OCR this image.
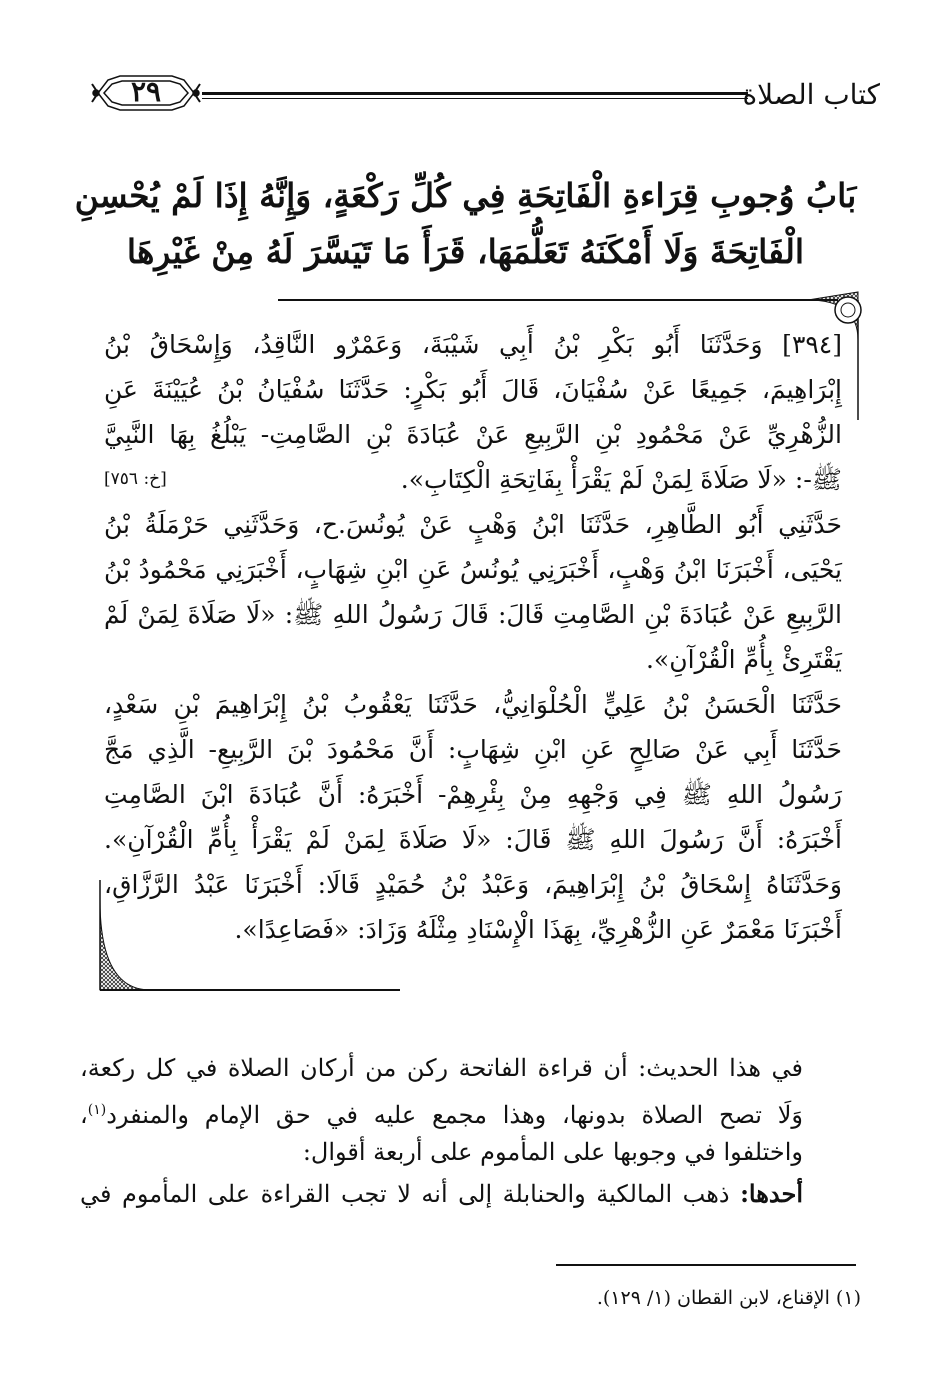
٢٩	كتاب الصلاة
بَابُ وُجوبِ قِرَاءةِ الْفَاتِحَةِ فِي كُلِّ رَكْعَةٍ، وَإِنَّهُ إِذَا لَمْ يُحْسِنِ
الْفَاتِحَةَ وَلَا أَمْكَنَهُ تَعَلُّمَهَا، قَرَأَ مَا تَيَسَّرَ لَهُ مِنْ غَيْرِهَا
[٣٩٤] وَحَدَّثَنَا أَبُو بَكْرِ بْنُ أَبِي شَيْبَةَ، وَعَمْرٌو النَّاقِدُ، وَإِسْحَاقُ بْنُ
إِبْرَاهِيمَ، جَمِيعًا عَنْ سُفْيَانَ، قَالَ أَبُو بَكْرٍ: حَدَّثَنَا سُفْيَانُ بْنُ عُيَيْنَةَ عَنِ
الزُّهْرِيِّ عَنْ مَحْمُودِ بْنِ الرَّبِيعِ عَنْ عُبَادَةَ بْنِ الصَّامِتِ- يَبْلُغُ بِهَا النَّبِيَّ
ﷺ-: «لَا صَلَاةَ لِمَنْ لَمْ يَقْرَأْ بِفَاتِحَةِ الْكِتَابِ».
[خ: ٧٥٦]
حَدَّثَنِي أَبُو الطَّاهِرِ، حَدَّثَنَا ابْنُ وَهْبٍ عَنْ يُونُسَ.ح، وَحَدَّثَنِي حَرْمَلَةُ بْنُ
يَحْيَى، أَخْبَرَنَا ابْنُ وَهْبٍ، أَخْبَرَنِي يُونُسُ عَنِ ابْنِ شِهَابٍ، أَخْبَرَنِي مَحْمُودُ بْنُ
الرَّبِيعِ عَنْ عُبَادَةَ بْنِ الصَّامِتِ قَالَ: قَالَ رَسُولُ اللهِ ﷺ: «لَا صَلَاةَ لِمَنْ لَمْ
يَقْتَرِئْ بِأُمِّ الْقُرْآنِ».
حَدَّثَنَا الْحَسَنُ بْنُ عَلِيٍّ الْحُلْوَانِيُّ، حَدَّثَنَا يَعْقُوبُ بْنُ إِبْرَاهِيمَ بْنِ سَعْدٍ،
حَدَّثَنَا أَبِي عَنْ صَالِحٍ عَنِ ابْنِ شِهَابٍ: أَنَّ مَحْمُودَ بْنَ الرَّبِيعِ- الَّذِي مَجَّ
رَسُولُ اللهِ ﷺ فِي وَجْهِهِ مِنْ بِئْرِهِمْ- أَخْبَرَهُ: أَنَّ عُبَادَةَ ابْنَ الصَّامِتِ
أَخْبَرَهُ: أَنَّ رَسُولَ اللهِ ﷺ قَالَ: «لَا صَلَاةَ لِمَنْ لَمْ يَقْرَأْ بِأُمِّ الْقُرْآنِ».
وَحَدَّثَنَاهُ إِسْحَاقُ بْنُ إِبْرَاهِيمَ، وَعَبْدُ بْنُ حُمَيْدٍ قَالَا: أَخْبَرَنَا عَبْدُ الرَّزَّاقِ،
أَخْبَرَنَا مَعْمَرٌ عَنِ الزُّهْرِيِّ، بِهَذَا الْإِسْنَادِ مِثْلَهُ وَزَادَ: «فَصَاعِدًا».
في هذا الحديث: أن قراءة الفاتحة ركن من أركان الصلاة في كل ركعة،
وَلَا تصح الصلاة بدونها، وهذا مجمع عليه في حق الإمام والمنفرد$^{(١)}$،
واختلفوا في وجوبها على المأموم على أربعة أقوال:
أحدها: ذهب المالكية والحنابلة إلى أنه لا تجب القراءة على المأموم في
(١) الإقناع، لابن القطان (١/ ١٢٩).
